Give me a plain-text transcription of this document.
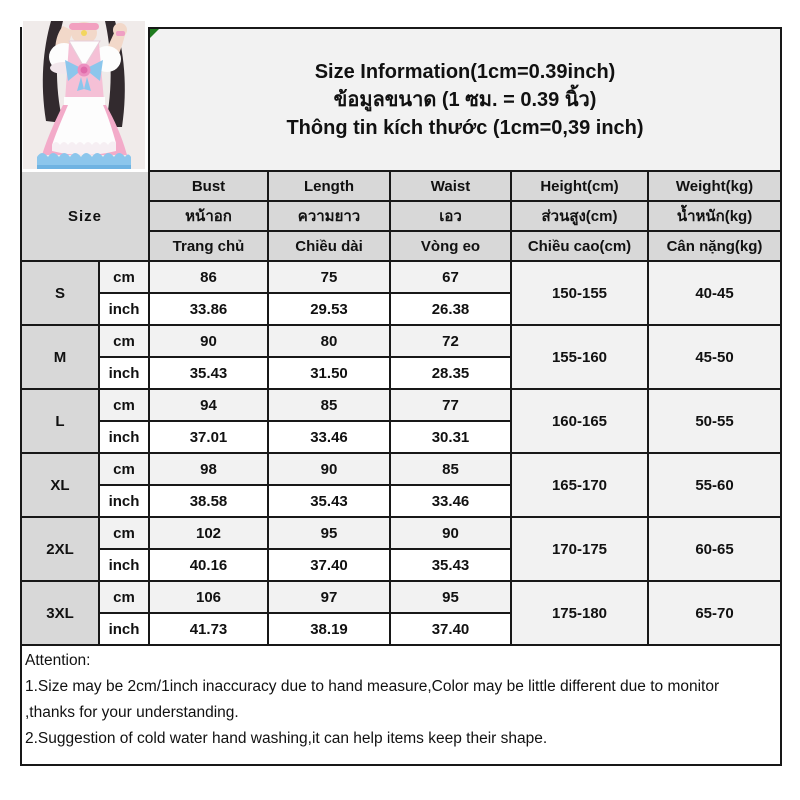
		Size Information(1cm=0.39inch)
ข้อมูลขนาด (1 ซม. = 0.39 นิ้ว)
Thông tin kích thước (1cm=0,39 inch)				

Size		Bust	Length	Waist	Height(cm)	Weight(kg)
		หน้าอก	ความยาว	เอว	ส่วนสูง(cm)	น้ำหนัก(kg)
		Trang chủ	Chiều dài	Vòng eo	Chiều cao(cm)	Cân nặng(kg)
S	cm	86	75	67	150-155	40-45
	inch	33.86	29.53	26.38		
M	cm	90	80	72	155-160	45-50
	inch	35.43	31.50	28.35		
L	cm	94	85	77	160-165	50-55
	inch	37.01	33.46	30.31		
XL	cm	98	90	85	165-170	55-60
	inch	38.58	35.43	33.46		
2XL	cm	102	95	90	170-175	60-65
	inch	40.16	37.40	35.43		
3XL	cm	106	97	95	175-180	65-70
	inch	41.73	38.19	37.40		

Attention:
1.Size may be 2cm/1inch inaccuracy due to hand measure,Color may be little different due to monitor
,thanks for your understanding.
2.Suggestion of cold water hand washing,it can help items keep their shape.						
